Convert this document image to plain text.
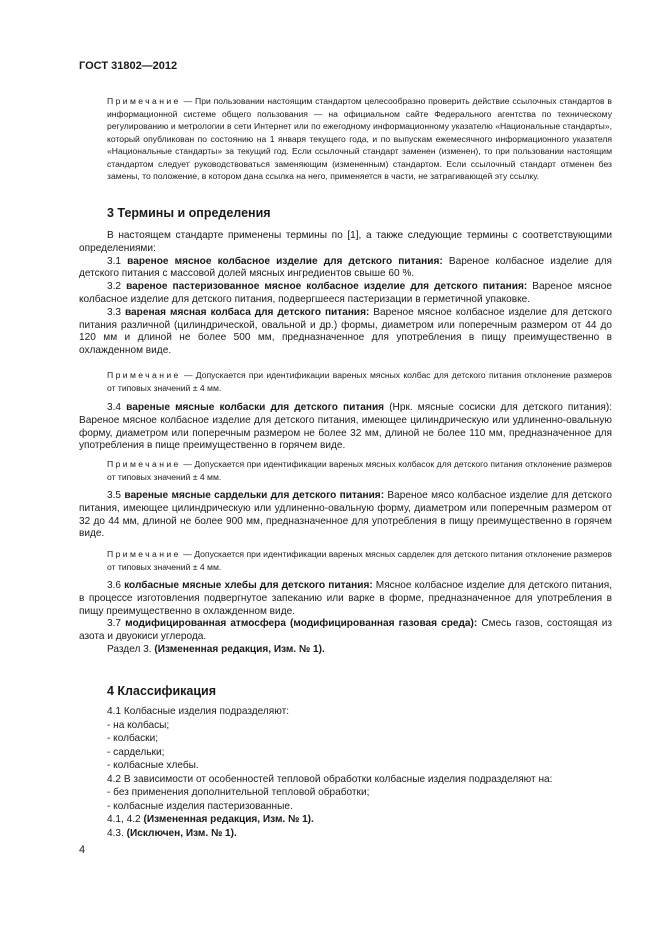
ГОСТ 31802—2012
Примечание — При пользовании настоящим стандартом целесообразно проверить действие ссылочных стандартов в информационной системе общего пользования — на официальном сайте Федерального агентства по техническому регулированию и метрологии в сети Интернет или по ежегодному информационному указателю «Национальные стандарты», который опубликован по состоянию на 1 января текущего года, и по выпускам ежемесячного информационного указателя «Национальные стандарты» за текущий год. Если ссылочный стандарт заменен (изменен), то при пользовании настоящим стандартом следует руководствоваться заменяющим (измененным) стандартом. Если ссылочный стандарт отменен без замены, то положение, в котором дана ссылка на него, применяется в части, не затрагивающей эту ссылку.
3 Термины и определения

В настоящем стандарте применены термины по [1], а также следующие термины с соответствующими определениями:

3.1 вареное мясное колбасное изделие для детского питания: Вареное колбасное изделие для детского питания с массовой долей мясных ингредиентов свыше 60 %.

3.2 вареное пастеризованное мясное колбасное изделие для детского питания: Вареное мясное колбасное изделие для детского питания, подвергшееся пастеризации в герметичной упаковке.

3.3 вареная мясная колбаса для детского питания: Вареное мясное колбасное изделие для детского питания различной (цилиндрической, овальной и др.) формы, диаметром или поперечным размером от 44 до 120 мм и длиной не более 500 мм, предназначенное для употребления в пищу преимущественно в охлажденном виде.

Примечание — Допускается при идентификации вареных мясных колбас для детского питания отклонение размеров от типовых значений ± 4 мм.

3.4 вареные мясные колбаски для детского питания (Нрк. мясные сосиски для детского питания): Вареное мясное колбасное изделие для детского питания, имеющее цилиндрическую или удлиненно-овальную форму, диаметром или поперечным размером не более 32 мм, длиной не более 110 мм, предназначенное для употребления в пище преимущественно в горячем виде.

Примечание — Допускается при идентификации вареных мясных колбасок для детского питания отклонение размеров от типовых значений ± 4 мм.

3.5 вареные мясные сардельки для детского питания: Вареное мясо колбасное изделие для детского питания, имеющее цилиндрическую или удлиненно-овальную форму, диаметром или поперечным размером от 32 до 44 мм, длиной не более 900 мм, предназначенное для употребления в пищу преимущественно в горячем виде.

Примечание — Допускается при идентификации вареных мясных сарделек для детского питания отклонение размеров от типовых значений ± 4 мм.

3.6 колбасные мясные хлебы для детского питания: Мясное колбасное изделие для детского питания, в процессе изготовления подвергнутое запеканию или варке в форме, предназначенное для употребления в пищу преимущественно в охлажденном виде.

3.7 модифицированная атмосфера (модифицированная газовая среда): Смесь газов, состоящая из азота и двуокиси углерода.

Раздел 3. (Измененная редакция, Изм. № 1).

4 Классификация
4.1 Колбасные изделия подразделяют:
- на колбасы;
- колбаски;
- сардельки;
- колбасные хлебы.
4.2 В зависимости от особенностей тепловой обработки колбасные изделия подразделяют на:
- без применения дополнительной тепловой обработки;
- колбасные изделия пастеризованные.
4.1, 4.2 (Измененная редакция, Изм. № 1).
4.3. (Исключен, Изм. № 1).
4
